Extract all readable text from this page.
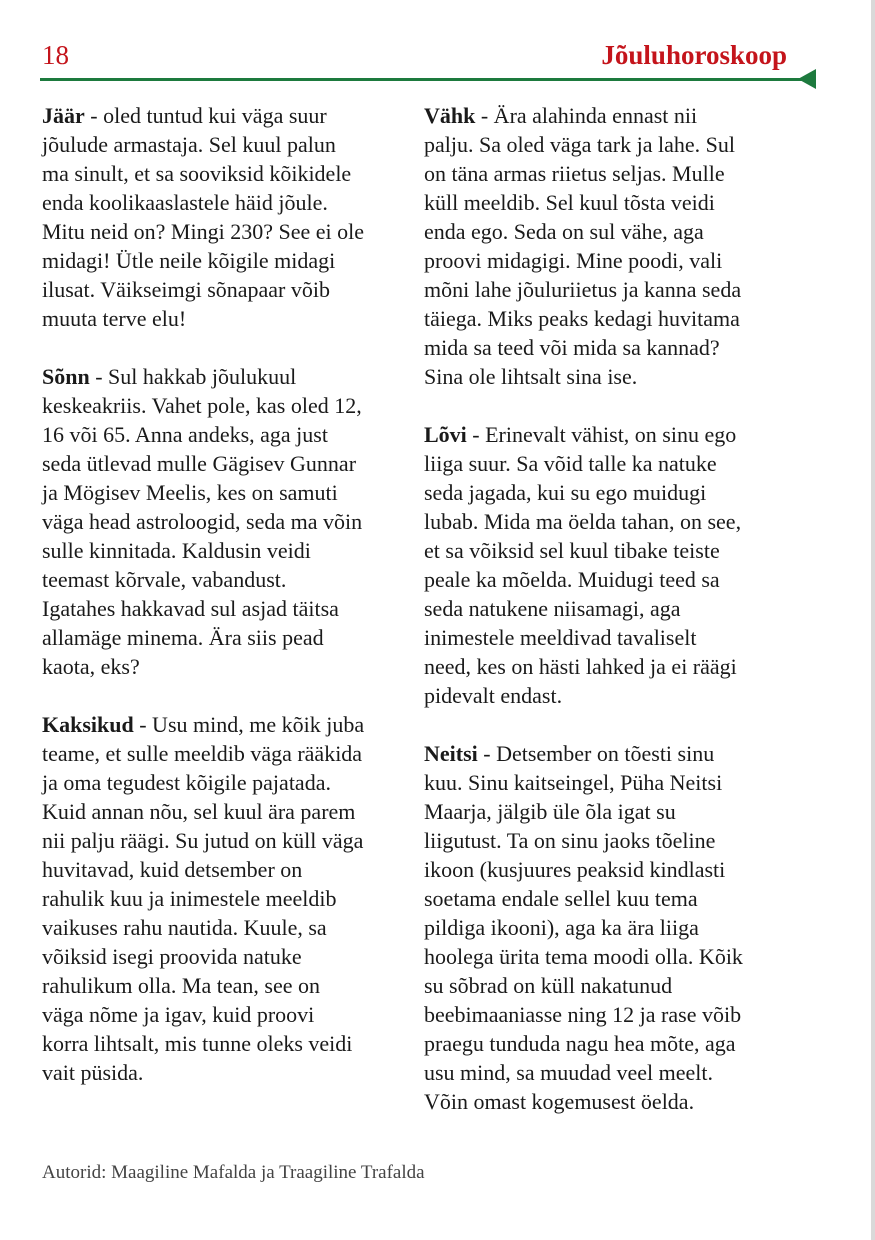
18	Jõuluhoroskoop
Jäär - oled tuntud kui väga suur
jõulude armastaja. Sel kuul palun
ma sinult, et sa sooviksid kõikidele
enda koolikaaslastele häid jõule.
Mitu neid on? Mingi 230? See ei ole
midagi! Ütle neile kõigile midagi
ilusat. Väikseimgi sõnapaar võib
muuta terve elu!
Sõnn - Sul hakkab jõulukuul
keskeakriis. Vahet pole, kas oled 12,
16 või 65. Anna andeks, aga just
seda ütlevad mulle Gägisev Gunnar
ja Mögisev Meelis, kes on samuti
väga head astroloogid, seda ma võin
sulle kinnitada. Kaldusin veidi
teemast kõrvale, vabandust.
Igatahes hakkavad sul asjad täitsa
allamäge minema. Ära siis pead
kaota, eks?
Kaksikud - Usu mind, me kõik juba
teame, et sulle meeldib väga rääkida
ja oma tegudest kõigile pajatada.
Kuid annan nõu, sel kuul ära parem
nii palju räägi. Su jutud on küll väga
huvitavad, kuid detsember on
rahulik kuu ja inimestele meeldib
vaikuses rahu nautida. Kuule, sa
võiksid isegi proovida natuke
rahulikum olla. Ma tean, see on
väga nõme ja igav, kuid proovi
korra lihtsalt, mis tunne oleks veidi
vait püsida.
Vähk - Ära alahinda ennast nii
palju. Sa oled väga tark ja lahe. Sul
on täna armas riietus seljas. Mulle
küll meeldib. Sel kuul tõsta veidi
enda ego. Seda on sul vähe, aga
proovi midagigi. Mine poodi, vali
mõni lahe jõuluriietus ja kanna seda
täiega. Miks peaks kedagi huvitama
mida sa teed või mida sa kannad?
Sina ole lihtsalt sina ise.
Lõvi - Erinevalt vähist, on sinu ego
liiga suur. Sa võid talle ka natuke
seda jagada, kui su ego muidugi
lubab. Mida ma öelda tahan, on see,
et sa võiksid sel kuul tibake teiste
peale ka mõelda. Muidugi teed sa
seda natukene niisamagi, aga
inimestele meeldivad tavaliselt
need, kes on hästi lahked ja ei räägi
pidevalt endast.
Neitsi - Detsember on tõesti sinu
kuu. Sinu kaitseingel, Püha Neitsi
Maarja, jälgib üle õla igat su
liigutust. Ta on sinu jaoks tõeline
ikoon (kusjuures peaksid kindlasti
soetama endale sellel kuu tema
pildiga ikooni), aga ka ära liiga
hoolega ürita tema moodi olla. Kõik
su sõbrad on küll nakatunud
beebimaaniasse ning 12 ja rase võib
praegu tunduda nagu hea mõte, aga
usu mind, sa muudad veel meelt.
Võin omast kogemusest öelda.
Autorid: Maagiline Mafalda ja Traagiline Trafalda
